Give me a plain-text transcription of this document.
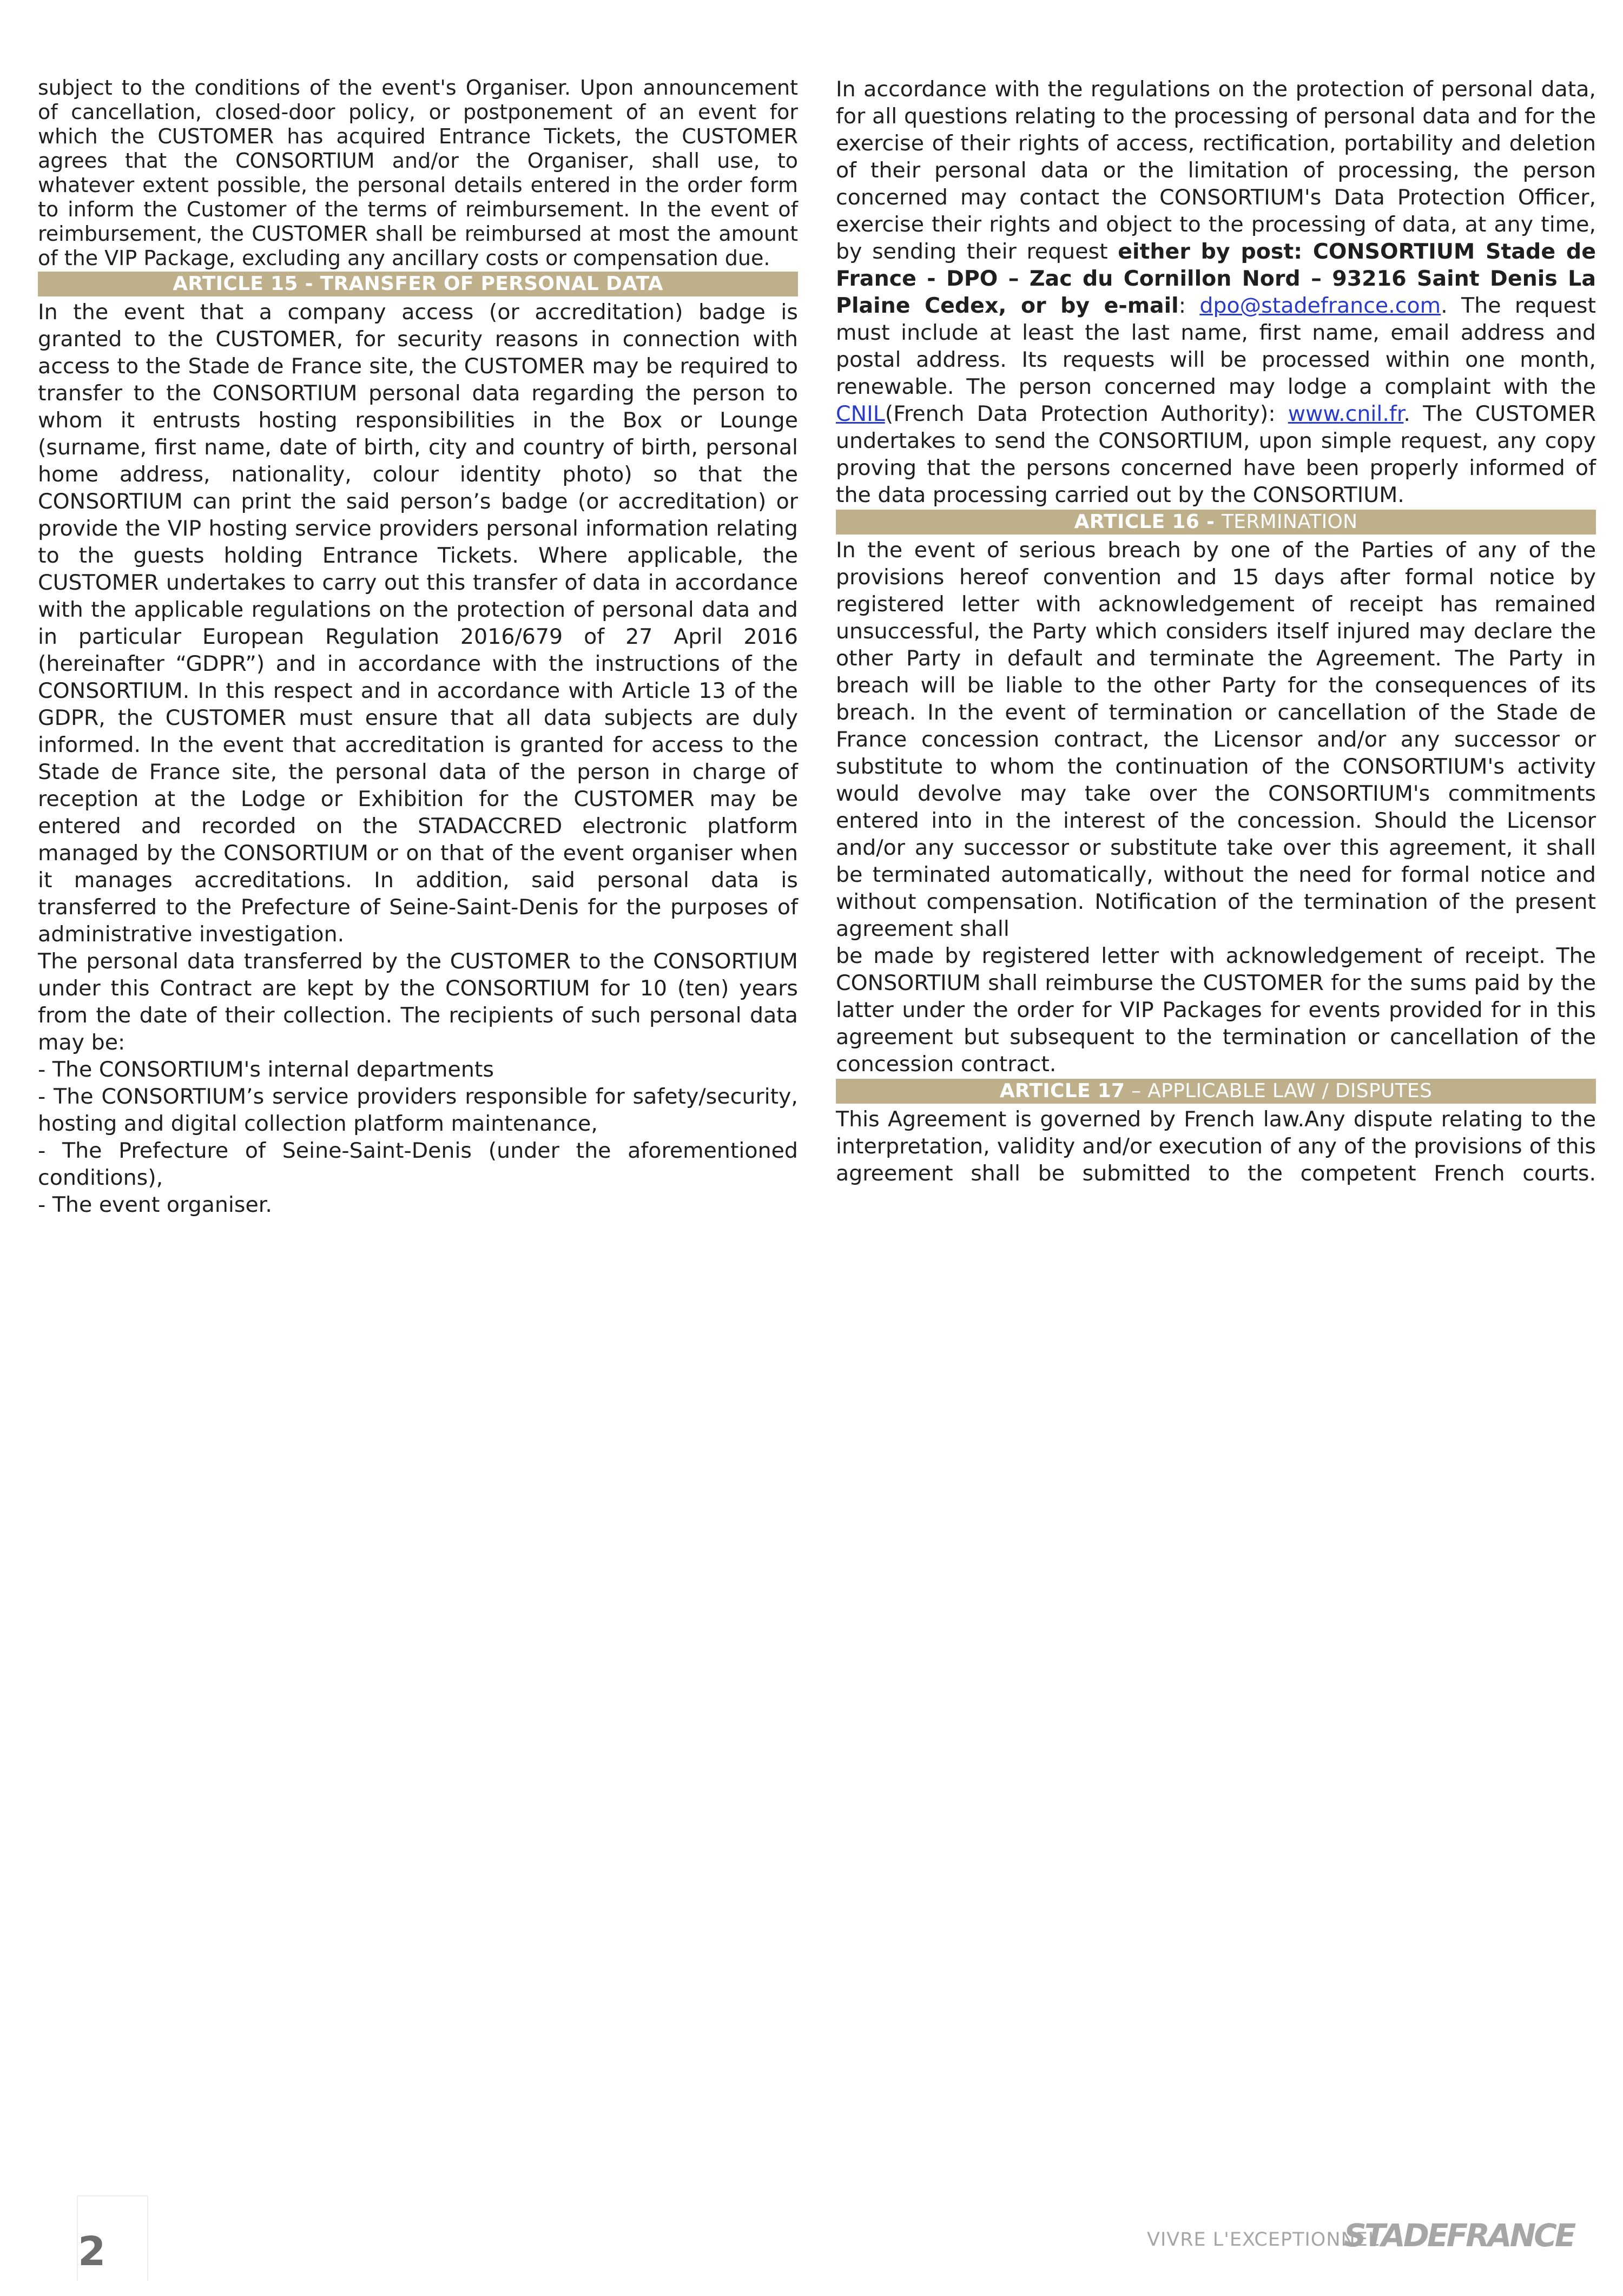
subject to the conditions of the event's Organiser. Upon announcement of cancellation, closed-door policy, or postponement of an event for which the CUSTOMER has acquired Entrance Tickets, the CUSTOMER agrees that the CONSORTIUM and/or the Organiser, shall use, to whatever extent possible, the personal details entered in the order form to inform the Customer of the terms of reimbursement. In the event of reimbursement, the CUSTOMER shall be reimbursed at most the amount of the VIP Package, excluding any ancillary costs or compensation due.

ARTICLE 15 - TRANSFER OF PERSONAL DATA

In the event that a company access (or accreditation) badge is granted to the CUSTOMER, for security reasons in connection with access to the Stade de France site, the CUSTOMER may be required to transfer to the CONSORTIUM personal data regarding the person to whom it entrusts hosting responsibilities in the Box or Lounge (surname, first name, date of birth, city and country of birth, personal home address, nationality, colour identity photo) so that the CONSORTIUM can print the said person’s badge (or accreditation) or provide the VIP hosting service providers personal information relating to the guests holding Entrance Tickets. Where applicable, the CUSTOMER undertakes to carry out this transfer of data in accordance with the applicable regulations on the protection of personal data and in particular European Regulation 2016/679 of 27 April 2016 (hereinafter “GDPR”) and in accordance with the instructions of the CONSORTIUM. In this respect and in accordance with Article 13 of the GDPR, the CUSTOMER must ensure that all data subjects are duly informed. In the event that accreditation is granted for access to the Stade de France site, the personal data of the person in charge of reception at the Lodge or Exhibition for the CUSTOMER may be entered and recorded on the STADACCRED electronic platform managed by the CONSORTIUM or on that of the event organiser when it manages accreditations. In addition, said personal data is transferred to the Prefecture of Seine-Saint-Denis for the purposes of administrative investigation.

The personal data transferred by the CUSTOMER to the CONSORTIUM under this Contract are kept by the CONSORTIUM for 10 (ten) years from the date of their collection. The recipients of such personal data may be:

- The CONSORTIUM's internal departments

- The CONSORTIUM’s service providers responsible for safety/security, hosting and digital collection platform maintenance,

- The Prefecture of Seine-Saint-Denis (under the aforementioned conditions),

- The event organiser.

In accordance with the regulations on the protection of personal data, for all questions relating to the processing of personal data and for the exercise of their rights of access, rectification, portability and deletion of their personal data or the limitation of processing, the person concerned may contact the CONSORTIUM's Data Protection Officer, exercise their rights and object to the processing of data, at any time, by sending their request either by post: CONSORTIUM Stade de France - DPO – Zac du Cornillon Nord – 93216 Saint Denis La Plaine Cedex, or by e-mail: dpo@stadefrance.com. The request must include at least the last name, first name, email address and postal address. Its requests will be processed within one month, renewable. The person concerned may lodge a complaint with the CNIL(French Data Protection Authority): www.cnil.fr. The CUSTOMER undertakes to send the CONSORTIUM, upon simple request, any copy proving that the persons concerned have been properly informed of the data processing carried out by the CONSORTIUM.

ARTICLE 16 - TERMINATION

In the event of serious breach by one of the Parties of any of the provisions hereof convention and 15 days after formal notice by registered letter with acknowledgement of receipt has remained unsuccessful, the Party which considers itself injured may declare the other Party in default and terminate the Agreement. The Party in breach will be liable to the other Party for the consequences of its breach. In the event of termination or cancellation of the Stade de France concession contract, the Licensor and/or any successor or substitute to whom the continuation of the CONSORTIUM's activity would devolve may take over the CONSORTIUM's commitments entered into in the interest of the concession. Should the Licensor and/or any successor or substitute take over this agreement, it shall be terminated automatically, without the need for formal notice and without compensation. Notification of the termination of the present agreement shall

be made by registered letter with acknowledgement of receipt. The CONSORTIUM shall reimburse the CUSTOMER for the sums paid by the latter under the order for VIP Packages for events provided for in this agreement but subsequent to the termination or cancellation of the concession contract.

ARTICLE 17 – APPLICABLE LAW / DISPUTES

This Agreement is governed by French law.Any dispute relating to the interpretation, validity and/or execution of any of the provisions of this agreement shall be submitted to the competent French courts.

2	VIVRE L'EXCEPTIONNEL
STADEFRANCE
